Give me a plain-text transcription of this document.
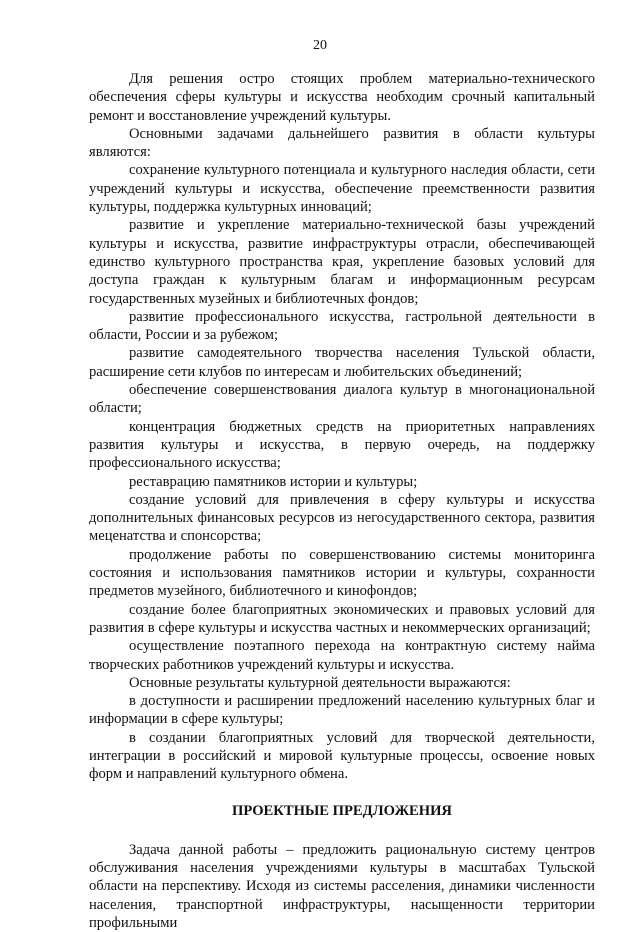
20

Для решения остро стоящих проблем материально-технического обеспечения сферы культуры и искусства необходим срочный капитальный ремонт и восстановление учреждений культуры.

Основными задачами дальнейшего развития в области культуры являются:

сохранение культурного потенциала и культурного наследия области, сети учреждений культуры и искусства, обеспечение преемственности развития культуры, поддержка культурных инноваций;

развитие и укрепление материально-технической базы учреждений культуры и искусства, развитие инфраструктуры отрасли, обеспечивающей единство культурного пространства края, укрепление базовых условий для доступа граждан к культурным благам и информационным ресурсам государственных музейных и библиотечных фондов;

развитие профессионального искусства, гастрольной деятельности в области, России и за рубежом;

развитие самодеятельного творчества населения Тульской области, расширение сети клубов по интересам и любительских объединений;

обеспечение совершенствования диалога культур в многонациональной области;

концентрация бюджетных средств на приоритетных направлениях развития культуры и искусства, в первую очередь, на поддержку профессионального искусства;

реставрацию памятников истории и культуры;

создание условий для привлечения в сферу культуры и искусства дополнительных финансовых ресурсов из негосударственного сектора, развития меценатства и спонсорства;

продолжение работы по совершенствованию системы мониторинга состояния и использования памятников истории и культуры, сохранности предметов музейного, библиотечного и кинофондов;

создание более благоприятных экономических и правовых условий для развития в сфере культуры и искусства частных и некоммерческих организаций;

осуществление поэтапного перехода на контрактную систему найма творческих работников учреждений культуры и искусства.

Основные результаты культурной деятельности выражаются:

в доступности и расширении предложений населению культурных благ и информации в сфере культуры;

в создании благоприятных условий для творческой деятельности, интеграции в российский и мировой культурные процессы, освоение новых форм и направлений культурного обмена.

ПРОЕКТНЫЕ ПРЕДЛОЖЕНИЯ

Задача данной работы – предложить рациональную систему центров обслуживания населения учреждениями культуры в масштабах Тульской области на перспективу. Исходя из системы расселения, динамики численности населения, транспортной инфраструктуры, насыщенности территории профильными
